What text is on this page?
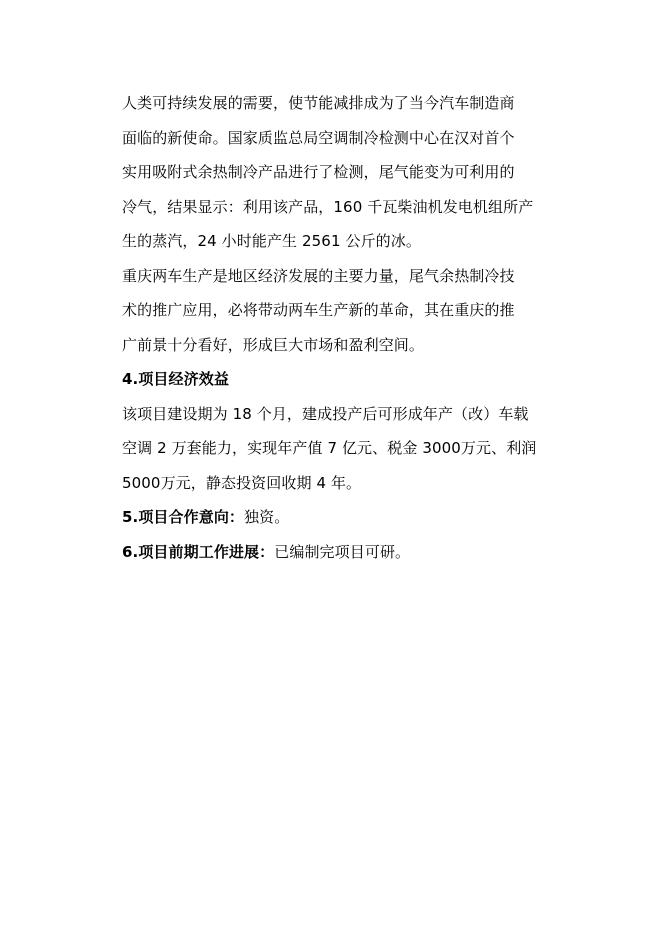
人类可持续发展的需要，使节能减排成为了当今汽车制造商
面临的新使命。国家质监总局空调制冷检测中心在汉对首个
实用吸附式余热制冷产品进行了检测，尾气能变为可利用的
冷气，结果显示：利用该产品，160 千瓦柴油机发电机组所产
生的蒸汽，24 小时能产生 2561 公斤的冰。
重庆两车生产是地区经济发展的主要力量，尾气余热制冷技
术的推广应用，必将带动两车生产新的革命，其在重庆的推
广前景十分看好，形成巨大市场和盈利空间。
4.项目经济效益
该项目建设期为 18 个月，建成投产后可形成年产（改）车载
空调 2 万套能力，实现年产值 7 亿元、税金 3000万元、利润
5000万元，静态投资回收期 4 年。
5.项目合作意向：独资。
6.项目前期工作进展：已编制完项目可研。
